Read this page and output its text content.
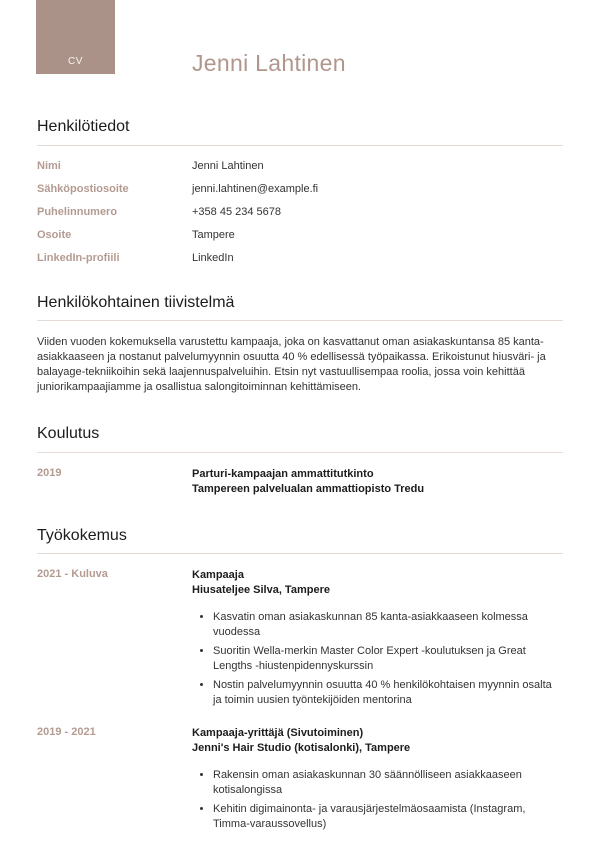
CV	Jenni Lahtinen
Henkilötiedot
Nimi	Jenni Lahtinen
Sähköpostiosoite	jenni.lahtinen@example.fi
Puhelinnumero	+358 45 234 5678
Osoite	Tampere
LinkedIn-profiili	LinkedIn
Henkilökohtainen tiivistelmä

Viiden vuoden kokemuksella varustettu kampaaja, joka on kasvattanut oman asiakaskuntansa 85 kanta-asiakkaaseen ja nostanut palvelumyynnin osuutta 40 % edellisessä työpaikassa. Erikoistunut hiusväri- ja balayage-tekniikoihin sekä laajennuspalveluihin. Etsin nyt vastuullisempaa roolia, jossa voin kehittää juniorikampaajiamme ja osallistua salongitoiminnan kehittämiseen.

Koulutus
2019	Parturi-kampaajan ammattitutkinto
Tampereen palvelualan ammattiopisto Tredu
Työkokemus
2021 - Kuluva	Kampaaja
Hiusateljee Silva, Tampere
• Kasvatin oman asiakaskunnan 85 kanta-asiakkaaseen kolmessa vuodessa
• Suoritin Wella-merkin Master Color Expert -koulutuksen ja Great Lengths -hiustenpidennyskurssin
• Nostin palvelumyynnin osuutta 40 % henkilökohtaisen myynnin osalta ja toimin uusien työntekijöiden mentorina
2019 - 2021	Kampaaja-yrittäjä (Sivutoiminen)
Jenni's Hair Studio (kotisalonki), Tampere
• Rakensin oman asiakaskunnan 30 säännölliseen asiakkaaseen kotisalongissa
• Kehitin digimainonta- ja varausjärjestelmäosaamista (Instagram, Timma-varaussovellus)
